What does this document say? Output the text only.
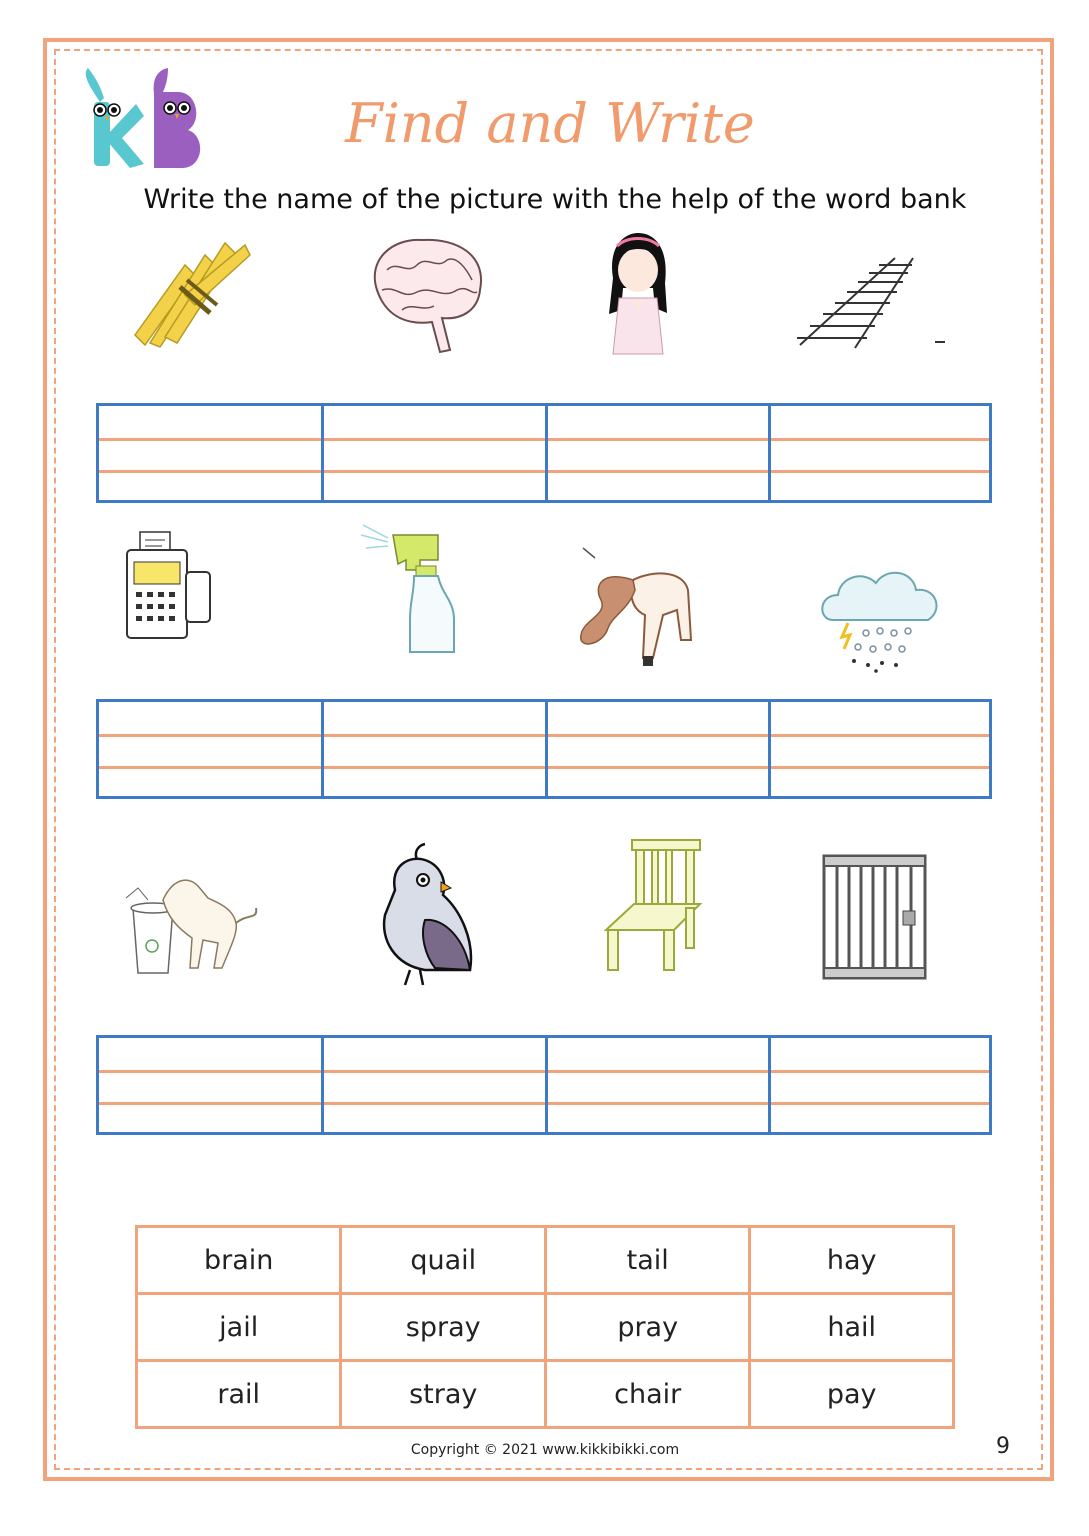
Find and Write
Write the name of the picture with the help of the word bank
brain	quail	tail	hay
jail	spray	pray	hail
rail	stray	chair	pay
Copyright © 2021 www.kikkibikki.com	9
